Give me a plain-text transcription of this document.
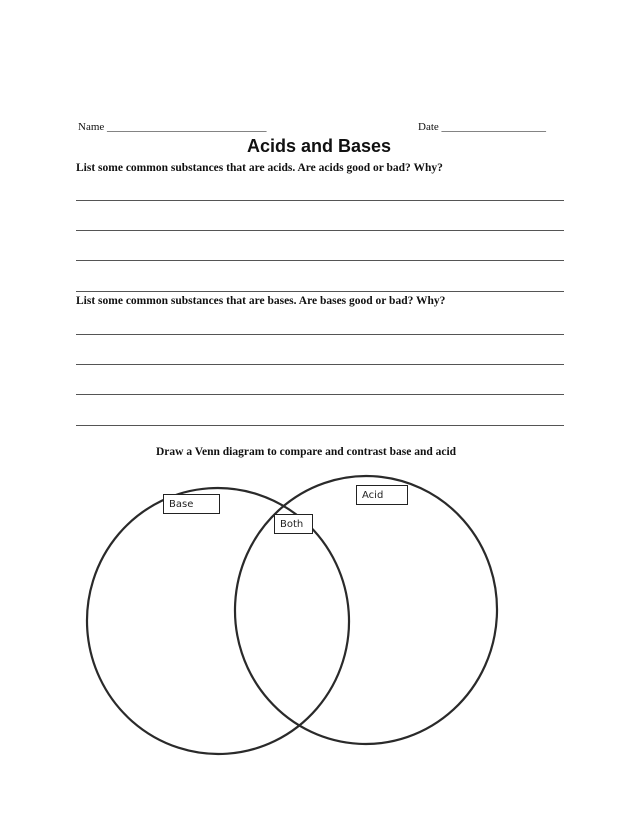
Name _____________________________	Date ___________________
Acids and Bases
List some common substances that are acids. Are acids good or bad? Why?
List some common substances that are bases. Are bases good or bad? Why?
Draw a Venn diagram to compare and contrast base and acid
Base
Both
Acid
